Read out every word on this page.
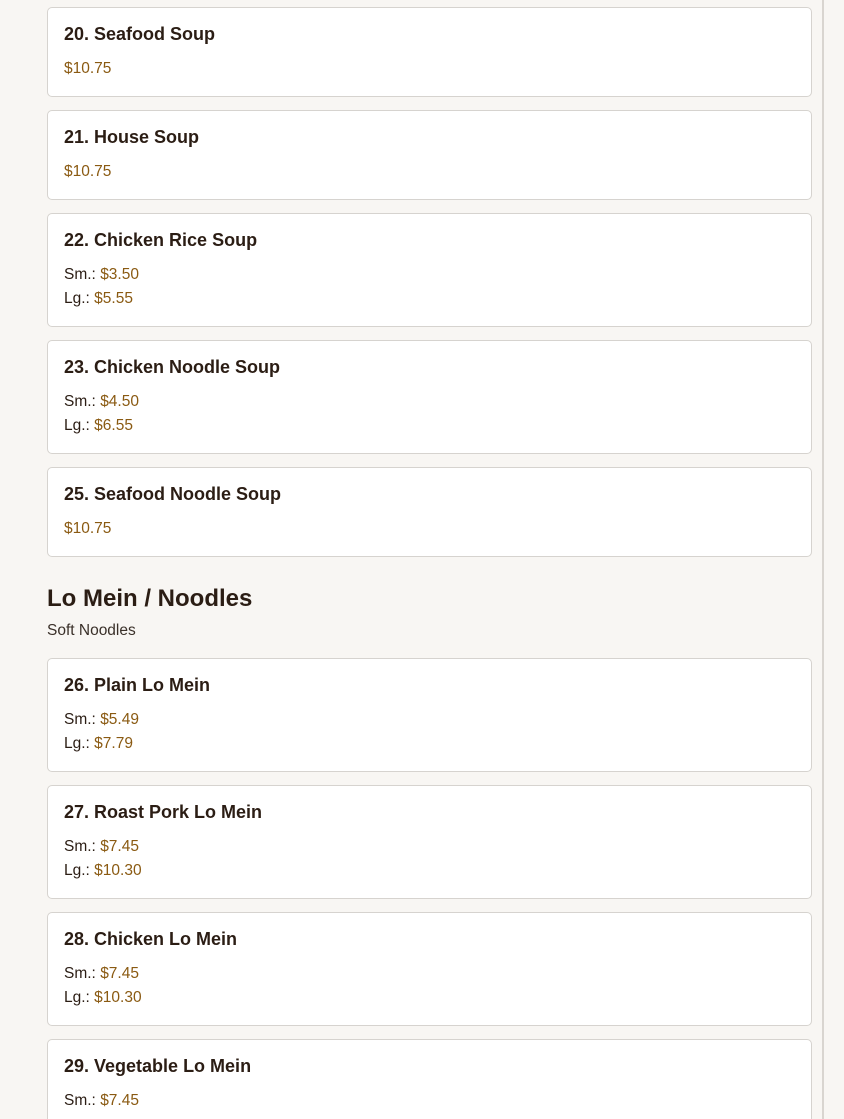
20. Seafood Soup
$10.75
21. House Soup
$10.75
22. Chicken Rice Soup
Sm.: $3.50
Lg.: $5.55
23. Chicken Noodle Soup
Sm.: $4.50
Lg.: $6.55
25. Seafood Noodle Soup
$10.75
Lo Mein / Noodles

Soft Noodles

26. Plain Lo Mein
Sm.: $5.49
Lg.: $7.79
27. Roast Pork Lo Mein
Sm.: $7.45
Lg.: $10.30
28. Chicken Lo Mein
Sm.: $7.45
Lg.: $10.30
29. Vegetable Lo Mein
Sm.: $7.45
